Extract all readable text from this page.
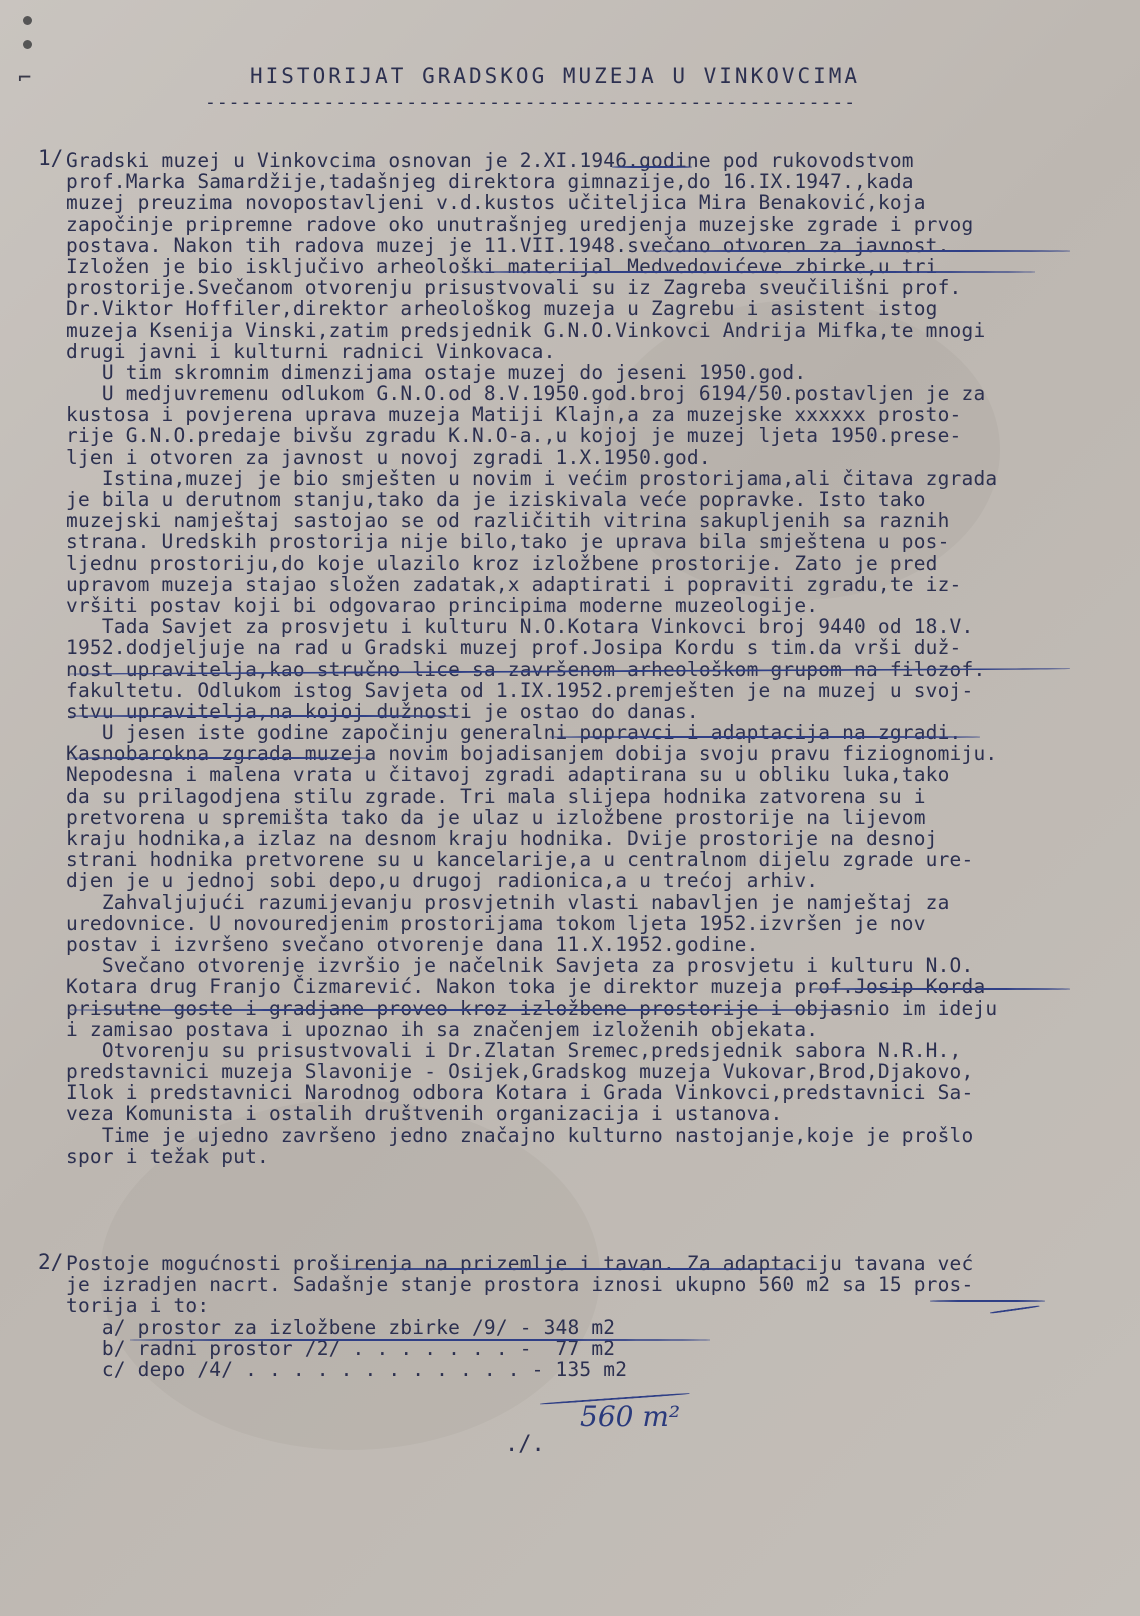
⌐	HISTORIJAT GRADSKOG MUZEJA U VINKOVCIMA
-------------------------------------------------------
1/ Gradski muzej u Vinkovcima osnovan je 2.XI.1946.godine pod rukovodstvom
prof.Marka Samardžije,tadašnjeg direktora gimnazije,do 16.IX.1947.,kada
muzej preuzima novopostavljeni v.d.kustos učiteljica Mira Benaković,koja
započinje pripremne radove oko unutrašnjeg uredjenja muzejske zgrade i prvog
postava. Nakon tih radova muzej je 11.VII.1948.svečano otvoren za javnost.
Izložen je bio isključivo arheološki materijal Medvedovićeve zbirke,u tri
prostorije.Svečanom otvorenju prisustvovali su iz Zagreba sveučilišni prof.
Dr.Viktor Hoffiler,direktor arheološkog muzeja u Zagrebu i asistent istog
muzeja Ksenija Vinski,zatim predsjednik G.N.O.Vinkovci Andrija Mifka,te mnogi
drugi javni i kulturni radnici Vinkovaca.
U tim skromnim dimenzijama ostaje muzej do jeseni 1950.god.
U medjuvremenu odlukom G.N.O.od 8.V.1950.god.broj 6194/50.postavljen je za
kustosa i povjerena uprava muzeja Matiji Klajn,a za muzejske xxxxxx prosto-
rije G.N.O.predaje bivšu zgradu K.N.O-a.,u kojoj je muzej ljeta 1950.prese-
ljen i otvoren za javnost u novoj zgradi 1.X.1950.god.
Istina,muzej je bio smješten u novim i većim prostorijama,ali čitava zgrada
je bila u derutnom stanju,tako da je iziskivala veće popravke. Isto tako
muzejski namještaj sastojao se od različitih vitrina sakupljenih sa raznih
strana. Uredskih prostorija nije bilo,tako je uprava bila smještena u pos-
ljednu prostoriju,do koje ulazilo kroz izložbene prostorije. Zato je pred
upravom muzeja stajao složen zadatak,x adaptirati i popraviti zgradu,te iz-
vršiti postav koji bi odgovarao principima moderne muzeologije.
Tada Savjet za prosvjetu i kulturu N.O.Kotara Vinkovci broj 9440 od 18.V.
1952.dodjeljuje na rad u Gradski muzej prof.Josipa Kordu s tim.da vrši duž-
nost upravitelja,kao stručno lice sa završenom arheološkom grupom na filozof.
fakultetu. Odlukom istog Savjeta od 1.IX.1952.premješten je na muzej u svoj-
stvu upravitelja,na kojoj dužnosti je ostao do danas.
U jesen iste godine započinju generalni popravci i adaptacija na zgradi.
Kasnobarokna zgrada muzeja novim bojadisanjem dobija svoju pravu fiziognomiju.
Nepodesna i malena vrata u čitavoj zgradi adaptirana su u obliku luka,tako
da su prilagodjena stilu zgrade. Tri mala slijepa hodnika zatvorena su i
pretvorena u spremišta tako da je ulaz u izložbene prostorije na lijevom
kraju hodnika,a izlaz na desnom kraju hodnika. Dvije prostorije na desnoj
strani hodnika pretvorene su u kancelarije,a u centralnom dijelu zgrade ure-
djen je u jednoj sobi depo,u drugoj radionica,a u trećoj arhiv.
Zahvaljujući razumijevanju prosvjetnih vlasti nabavljen je namještaj za
uredovnice. U novouredjenim prostorijama tokom ljeta 1952.izvršen je nov
postav i izvršeno svečano otvorenje dana 11.X.1952.godine.
Svečano otvorenje izvršio je načelnik Savjeta za prosvjetu i kulturu N.O.
Kotara drug Franjo Čizmarević. Nakon toka je direktor muzeja prof.Josip Korda
prisutne goste i gradjane proveo kroz izložbene prostorije i objasnio im ideju
i zamisao postava i upoznao ih sa značenjem izloženih objekata.
Otvorenju su prisustvovali i Dr.Zlatan Sremec,predsjednik sabora N.R.H.,
predstavnici muzeja Slavonije - Osijek,Gradskog muzeja Vukovar,Brod,Djakovo,
Ilok i predstavnici Narodnog odbora Kotara i Grada Vinkovci,predstavnici Sa-
veza Komunista i ostalih društvenih organizacija i ustanova.
Time je ujedno završeno jedno značajno kulturno nastojanje,koje je prošlo
spor i težak put.
2/ Postoje mogućnosti proširenja na prizemlje i tavan. Za adaptaciju tavana već
je izradjen nacrt. Sadašnje stanje prostora iznosi ukupno 560 m2 sa 15 pros-
torija i to:
a/ prostor za izložbene zbirke /9/ - 348 m2
b/ radni prostor /2/ . . . . . . . -  77 m2
c/ depo /4/ . . . . . . . . . . . . - 135 m2
560 m²
./.
